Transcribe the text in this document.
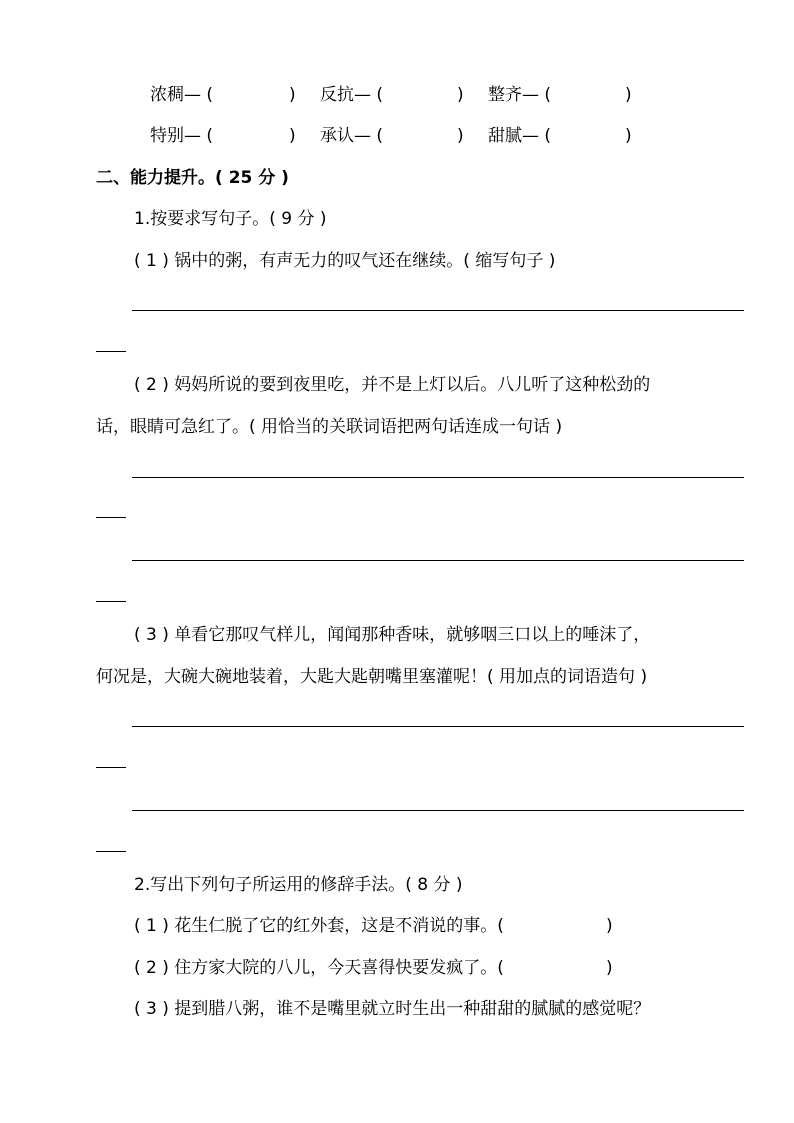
浓稠— (	) 反抗— (	) 整齐— (	)
特别— (	) 承认— (	) 甜腻— (	)
二、能力提升。( 25 分 )
1.按要求写句子。( 9 分 )
( 1 ) 锅中的粥，有声无力的叹气还在继续。( 缩写句子 )
( 2 ) 妈妈所说的要到夜里吃，并不是上灯以后。八儿听了这种松劲的
话，眼睛可急红了。( 用恰当的关联词语把两句话连成一句话 )
( 3 ) 单看它那叹气样儿，闻闻那种香味，就够咽三口以上的唾沫了，
何况是，大碗大碗地装着，大匙大匙朝嘴里塞灌呢！( 用加点的词语造句 )
2.写出下列句子所运用的修辞手法。( 8 分 )
( 1 ) 花生仁脱了它的红外套，这是不消说的事。(	)
( 2 ) 住方家大院的八儿，今天喜得快要发疯了。(	)
( 3 ) 提到腊八粥，谁不是嘴里就立时生出一种甜甜的腻腻的感觉呢？
